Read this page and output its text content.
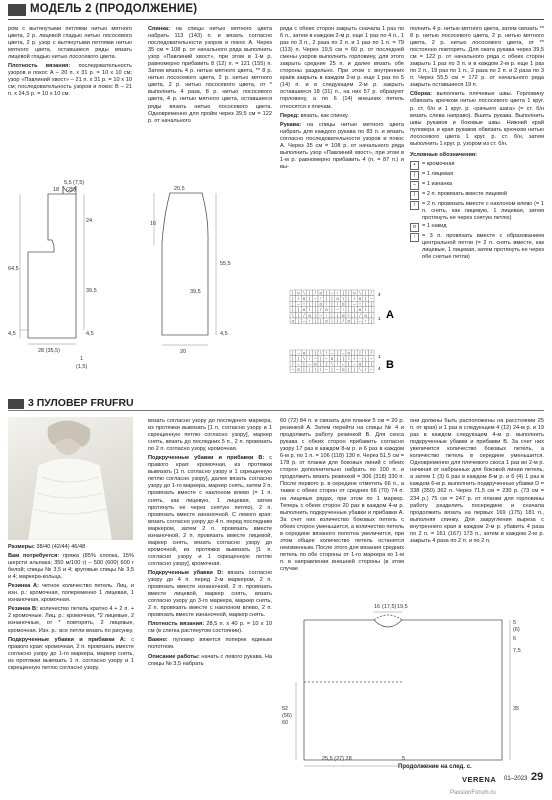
МОДЕЛЬ 2 (ПРОДОЛЖЕНИЕ)

ром с вытянутыми петлями нитью мятного цвета, 2 р. лицевой гладью нитью лососевого цвета, 2 р. узор с вытянутыми петлями нитью мятного цвета, оставшиеся ряды вязать лицевой гладью нитью лососевого цвета.

Плотность вязания: последовательность узоров и покос А – 20 п. х 31 р. = 10 х 10 см; узор «Павлиний хвост» – 21 п. х 31 р. = 10 х 10 см; последовательность узоров и покос В – 21 п. х 24,5 р. = 10 х 10 см.

Спинка: на спицы нитью мятного цвета набрать 113 (143) п. и вязать согласно последовательности узоров и покос А. Через 35 см = 108 р. от начального ряда выполнить узор «Павлиний хвост», при этом в 1-м р. равномерно прибавить 8 (12) п. = 121 (155) п. Затем вязать 4 р. нитью мятного цвета, ** 8 р. нитью лососевого цвета, 2 р. нитью мятного цвета, 2 р. нитью лососевого цвета, от * выполнить 4 раза, 8 р. нитью лососевого цвета, 4 р. нитью мятного цвета, оставшиеся ряды вязать нитью лососевого цвета. Одновременно для пройм через 39,5 см = 122 р. от начального

ряда с обеих сторон закрыть сначала 1 раз по 6 п., затем в каждом 2-м р. еще 1 раз по 4 п., 1 раз по 3 п., 2 раза по 2 п. и 1 раз по 1 п. = 79 (113) п. Через 19,5 см = 60 р. от последней смены узоров выполнить горловину, для этого закрыть средние 25 п. и далее вязать обе стороны раздельно. При этом с внутренних краёв закрыть в каждом 2-м р. еще 1 раз по 5 (14) п. и в следующем 2-м р. закрыть оставшиеся 18 (31) п., на них 57 р. образуют горловину, а по 6 (14) внешних петель относятся к плечам.

Перед: вязать, как спинку.

Рукава: на спицы нитью мятного цвета набрать для каждого рукава по 83 п. и вязать согласно последовательности узоров и покос А. Через 35 см = 108 р. от начального ряда выполнить узор «Павлиний хвост», при этом в 1-м р. равномерно прибавить 4 (п. = 87 п.) и вы-

полнить 4 р. нитью мятного цвета, затем связать ** 8 р. нитью лососевого цвета, 2 р. нитью мятного цвета, 2 р. нитью лососевого цвета, от ** постоянно повторять. Для оката рукава через 39,5 см = 122 р. от начального ряда с обеих сторон закрыть 1 раз по 3 п. и в каждом 2-м р. еще 1 раз по 2 п., 19 раз по 1 п., 2 раза по 2 п. и 2 раза по 3 п. Через 55,5 см = 172 р. от начального ряда закрыть оставшиеся 19 п.

Сборка: выполнить плечевые швы. Горловину обвязать крючком нитью лососевого цвета 1 круг. р. ст. б/н и 1 круг. р. «рачьего шага» (= ст. б/н вязать слева направо). Вшить рукава. Выполнить швы рукавов и боковые швы. Нижний край пуловера и края рукавов обвязать крючком нитью лососевого цвета 1 круг. р. ст. б/н, затем выполнить 1 круг. р. узором из ст. б/н.

Условные обозначения:

•	= кромочная
|	= 1 лицевая
–	= 1 изнанка
/	= 2 п. провязать вместе лицевой
\	= 2 п. провязать вместе с наклоном влево (= 1 п. снять, как лицевую, 1 лицевая, затем протянуть ее через снятую петлю)
o	= 1 накид
↑	= 3 п. провязать вместе с образованием центральной петли (= 2 п. снять вместе, как лицевые, 1 лицевая, затем протянуть ее через обе снятые петли)
5,5 (7,5)
18 (25)
24
64,5
39,5
4,5	4,5
28 (35,5)
1
(1,5)
20,5
16
55,5
39,5
20
4,5
| o \ | / o | – ↑ | | o \ | /
| / o | – ↑ | | o \ | / o | –
| – ↑ | | o \ | / o | – ↑ | |
| | o \ | / o | – ↑ | | o \ |
\ | / o | – ↑ | | o \ | / o |
o | – ↑ | | o \ | / o | – ↑ |
| – o | | \ / – | – o | | \ /
| | \ / – | – o | | \ / – | –
/ – | – o | | \ / – | – o | |
– o | | \ / – | – o | | \ / –
A
B
4
1
1
4
3 ПУЛОВЕР FRUFRU

Размеры: 38/40 (42/44) 46/48

Вам потребуется: пряжа (85% хлопка, 15% шерсти альпака; 350 м/100 г) – 500 (600) 600 г белой; спицы № 3,5 и 4; круговые спицы № 3,5 и 4; маркера-кольца.

Резинка А: четное количество петель. Лиц. и изн. р.: кромочная, попеременно 1 лицевая, 1 изнаночная, кромочная.

Резинка В: количество петель кратно 4 + 2 п. + 2 кромочные. Лиц. р.: кромочная, *2 лицевые, 2 изнаночные, от * повторять, 2 лицевые, кромочная. Изн. р.: все петли вязать по рисунку.

Подкрученные убавки и прибавки А: с правого края: кромочная, 2 п. провязать вместе согласно узору до 1-го маркера, маркер снять, из протяжки вывязать 1 п. согласно узору и 1 скрещенную петлю согласно узору.

вязать согласно узору до последнего маркера, из протяжки вывязать [1 п. согласно узору и 1 скрещенную петлю согласно узору], маркер снять, вязать до последних 5 п., 2 п. провязать по 2 п. согласно узору, кромочная.

Подкрученные убавки и прибавки В: с правого края: кромочная, из протяжки вывязать [1 п. согласно узору и 1 скрещенную петлю согласно узору], далее вязать согласно узору до 1-го маркера, маркер снять, затем 2 п. провязать вместе с наклоном влево (= 1 п. снять, как лицевую, 1 лицевая, затем протянуть ее через снятую петлю), 2 п. провязать вместе изнаночной. С левого края: вязать согласно узору до 4 п. перед последним маркером, затем 2 п. провязать вместе изнаночной, 2 п. провязать вместе лицевой, маркер снять, вязать согласно узору до кромочной, из протяжки вывязать [1 п. согласно узору и 1 скрещенную петлю согласно узору], кромочная.

Подкрученные убавки D: вязать согласно узору до 4 п. перед 2-м маркером, 2 п. провязать вместе изнаночной, 2 п. провязать вместе лицевой, маркер снять, вязать согласно узору до 3-го маркера, маркер снять, 2 п. провязать вместе с наклоном влево, 2 п. провязать вместе изнаночной, маркер снять.

Плотность вязания: 28,5 п. х 40 р. = 10 х 10 см (в слегка растянутом состоянии).

Важно: пуловер вяжется поперек единым полотном.

Описание работы: начать с левого рукава. На спицы № 3,5 набрать

60 (72) 84 п. и связать для планки 5 см = 20 р. резинкой А. Затем перейти на спицы № 4 и продолжить работу резинкой В. Для скоса рукава с обеих сторон прибавить согласно узору 17 раз в каждом 8-м р. и 6 раз в каждом 6-м р. по 1 п. = 106 (118) 130 п. Через 51,5 см = 178 р. от планки для боковых линий с обеих сторон дополнительно набрать по 100 п. и продолжить вязать резинкой = 306 (318) 330 п. После первого р. в середине отметить 66 п., а также с обеих сторон от средних 66 (70) 74 п. на лицевых рядах, при этом по 1 маркер. Теперь с обеих сторон 20 раз в каждом 4-м р. выполнить подкрученные убавки и прибавки А. За счет них количество боковых петель с обеих сторон уменьшится, а количество петель в середине вязаного полотна увеличится, при этом общее количество петель останется неизменным. После этого для вязания средних петель по обе стороны от 1-го маркера ко 1-м п. в направлении внешней стороны (в этом случае

они должны быть расположены на расстоянии 25 п. от края) и 1 раз в следующем 4 (12) 24-м р. и 19 раз в каждом следующем 4-м р. выполнить подкрученные убавки и прибавки В. За счет них увеличится количество боковых петель, а количество петель в середине уменьшится. Одновременно для плечевого скоса 1 раз во 2-м р. начиная от набранных для боковой линии петель, а затем 1 (3) 6 раз в каждом 8-м р. и 6 (4) 1 раз в каждом 6-м р. выполнить подкрученные убавки D = 338 (350) 362 п. Через 71,5 см = 230 р. (73 см = 234 р.) 75 см = 247 р. от планки для горловины работу разделить посередине и сначала продолжить вязать на первых 169 (175) 181 п., выполняя спинку. Для закругления выреза с внутреннего края в каждом 2-м р. убавить 4 раза по 2 п. = 161 (167) 173 п., затем в каждом 2-м р. закрыть 4 раза по 2 п. и по 2 п.

Продолжение на след. с.
16 (17,5) 19,5
5
(6)
6
7,5
52
(56)
60
35
25,5 (27) 28	5
VERENA 01–2023 29
PassionForum.ru
